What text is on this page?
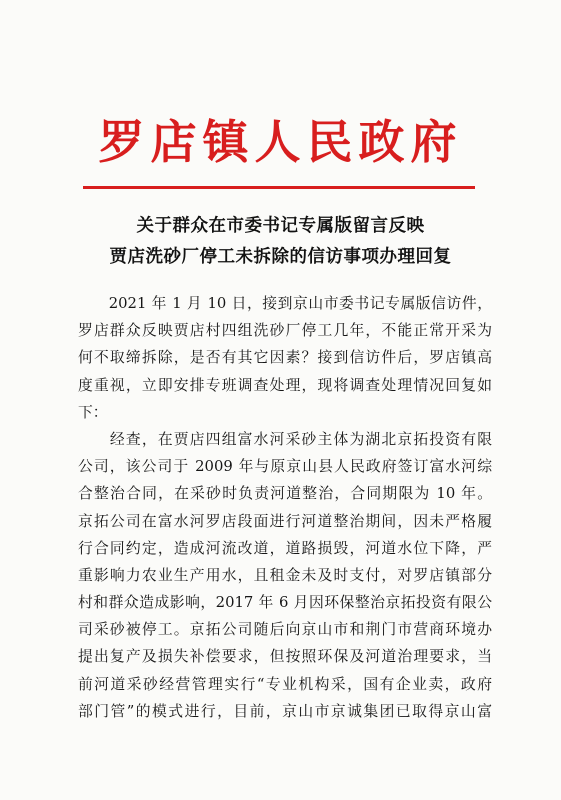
罗店镇人民政府
关于群众在市委书记专属版留言反映
贾店洗砂厂停工未拆除的信访事项办理回复
　　2021 年 1 月 10 日，接到京山市委书记专属版信访件，
罗店群众反映贾店村四组洗砂厂停工几年，不能正常开采为
何不取缔拆除，是否有其它因素？接到信访件后，罗店镇高
度重视，立即安排专班调查处理，现将调查处理情况回复如
下：
　　经查，在贾店四组富水河采砂主体为湖北京拓投资有限
公司，该公司于 2009 年与原京山县人民政府签订富水河综
合整治合同，在采砂时负责河道整治，合同期限为 10 年。
京拓公司在富水河罗店段面进行河道整治期间，因未严格履
行合同约定，造成河流改道，道路损毁，河道水位下降，严
重影响力农业生产用水，且租金未及时支付，对罗店镇部分
村和群众造成影响，2017 年 6 月因环保整治京拓投资有限公
司采砂被停工。京拓公司随后向京山市和荆门市营商环境办
提出复产及损失补偿要求，但按照环保及河道治理要求，当
前河道采砂经营管理实行“专业机构采，国有企业卖，政府
部门管”的模式进行，目前，京山市京诚集团已取得京山富
